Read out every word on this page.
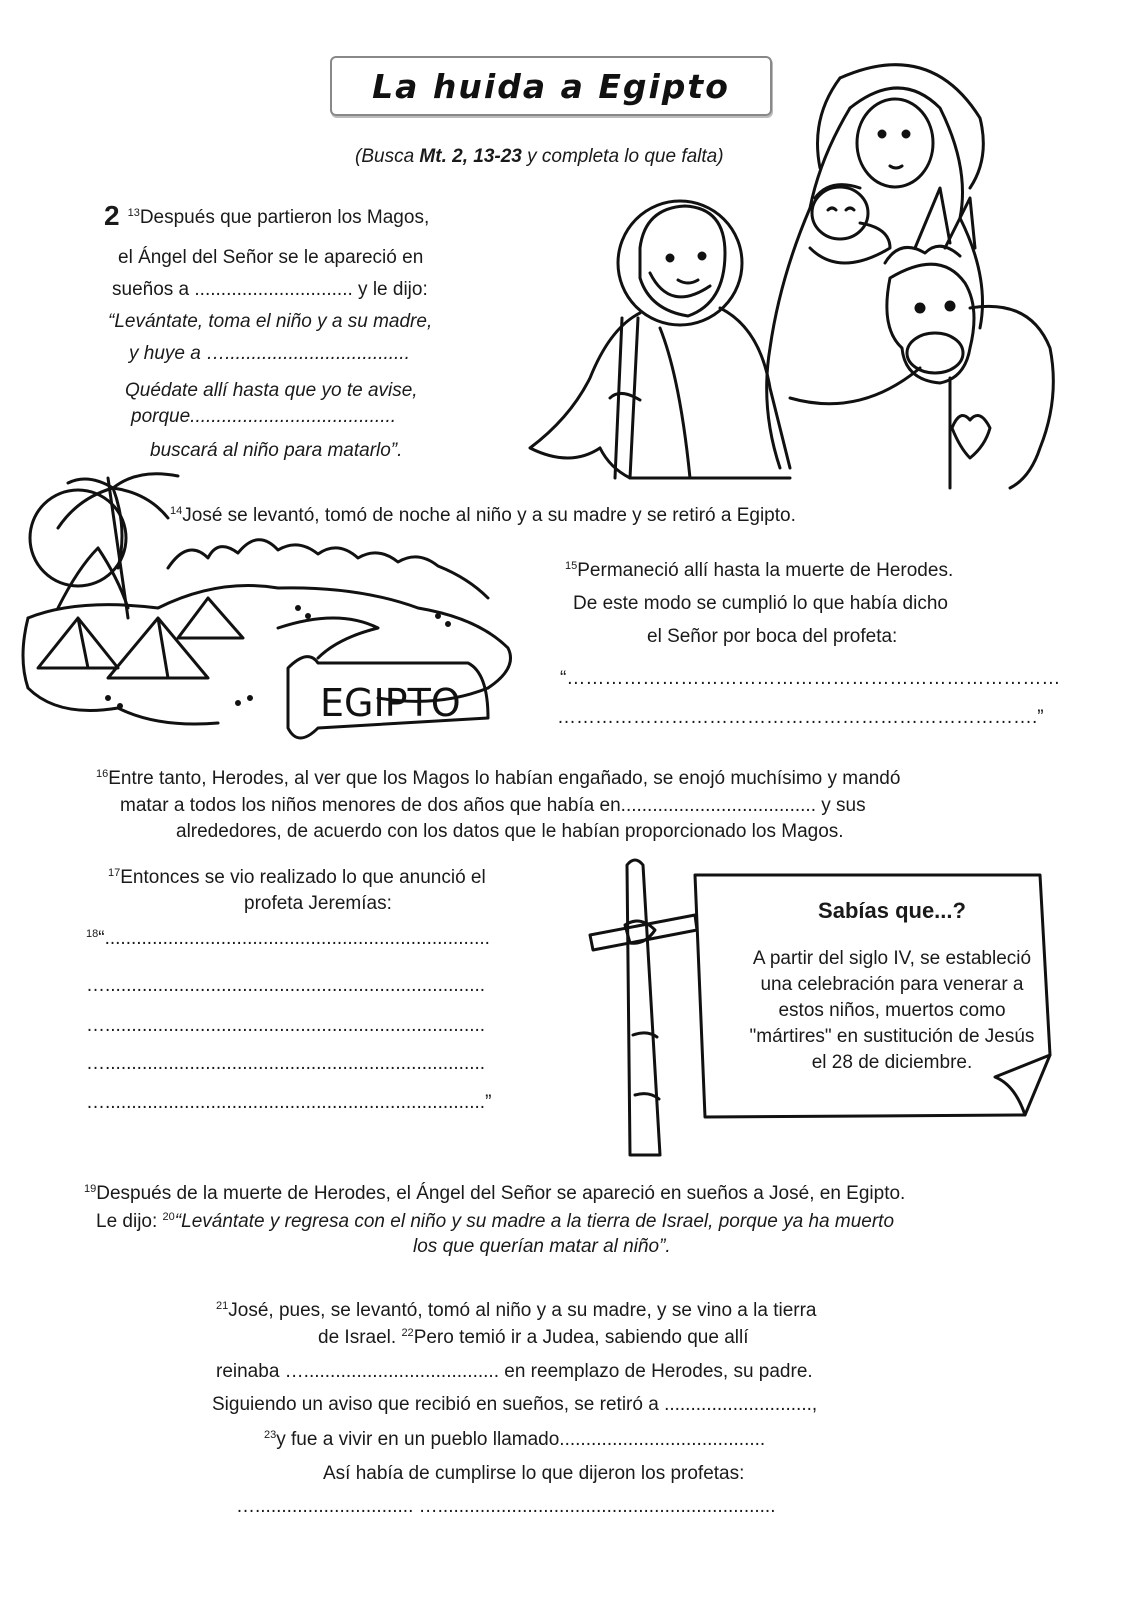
La huida a Egipto
(Busca Mt. 2, 13-23 y completa lo que falta)
2 $^{13}$Después que partieron los Magos,
el Ángel del Señor se le apareció en
sueños a .............................. y le dijo:
“Levántate, toma el niño y a su madre,
y huye a …...................................
Quédate allí hasta que yo te avise,
porque.......................................
buscará al niño para matarlo”.
EGIPTO
$^{14}$José se levantó, tomó de noche al niño y a su madre y se retiró a Egipto.
$^{15}$Permaneció allí hasta la muerte de Herodes.
De este modo se cumplió lo que había dicho
el Señor por boca del profeta:
“……………………………………………………………………
………………………………………………………………….”
$^{16}$Entre tanto, Herodes, al ver que los Magos lo habían engañado, se enojó muchísimo y mandó
matar a todos los niños menores de dos años que había en..................................... y sus
alrededores, de acuerdo con los datos que le habían proporcionado los Magos.
$^{17}$Entonces se vio realizado lo que anunció el
profeta Jeremías:
$^{18}$“.........................................................................
…........................................................................
…........................................................................
…........................................................................
…........................................................................”
Sabías que...?
A partir del siglo IV, se estableció una celebración para venerar a estos niños, muertos como "mártires" en sustitución de Jesús el 28 de diciembre.
$^{19}$Después de la muerte de Herodes, el Ángel del Señor se apareció en sueños a José, en Egipto.
Le dijo: $^{20}$“Levántate y regresa con el niño y su madre a la tierra de Israel, porque ya ha muerto
los que querían matar al niño”.
$^{21}$José, pues, se levantó, tomó al niño y a su madre, y se vino a la tierra
de Israel. $^{22}$Pero temió ir a Judea, sabiendo que allí
reinaba …..................................... en reemplazo de Herodes, su padre.
Siguiendo un aviso que recibió en sueños, se retiró a ............................,
$^{23}$y fue a vivir en un pueblo llamado.......................................
Así había de cumplirse lo que dijeron los profetas:
….............................. …................................................................
